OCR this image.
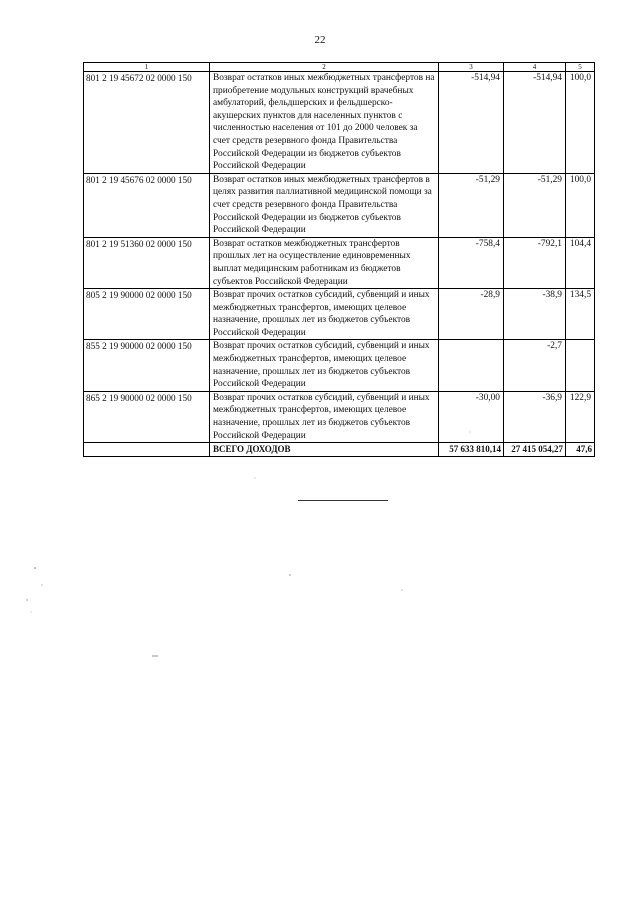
22
1	2	3	4	5
801 2 19 45672 02 0000 150	Возврат остатков иных межбюджетных трансфертов на приобретение модульных конструкций врачебных амбулаторий, фельдшерских и фельдшерско-акушерских пунктов для населенных пунктов с численностью населения от 101 до 2000 человек за счет средств резервного фонда Правительства Российской Федерации из бюджетов субъектов Российской Федерации	-514,94	-514,94	100,0
801 2 19 45676 02 0000 150	Возврат остатков иных межбюджетных трансфертов в целях развития паллиативной медицинской помощи за счет средств резервного фонда Правительства Российской Федерации из бюджетов субъектов Российской Федерации	-51,29	-51,29	100,0
801 2 19 51360 02 0000 150	Возврат остатков межбюджетных трансфертов прошлых лет на осуществление единовременных выплат медицинским работникам из бюджетов субъектов Российской Федерации	-758,4	-792,1	104,4
805 2 19 90000 02 0000 150	Возврат прочих остатков субсидий, субвенций и иных межбюджетных трансфертов, имеющих целевое назначение, прошлых лет из бюджетов субъектов Российской Федерации	-28,9	-38,9	134,5
855 2 19 90000 02 0000 150	Возврат прочих остатков субсидий, субвенций и иных межбюджетных трансфертов, имеющих целевое назначение, прошлых лет из бюджетов субъектов Российской Федерации		-2,7	
865 2 19 90000 02 0000 150	Возврат прочих остатков субсидий, субвенций и иных межбюджетных трансфертов, имеющих целевое назначение, прошлых лет из бюджетов субъектов Российской Федерации	-30,00	-36,9	122,9
	ВСЕГО ДОХОДОВ	57 633 810,14	27 415 054,27	47,6
